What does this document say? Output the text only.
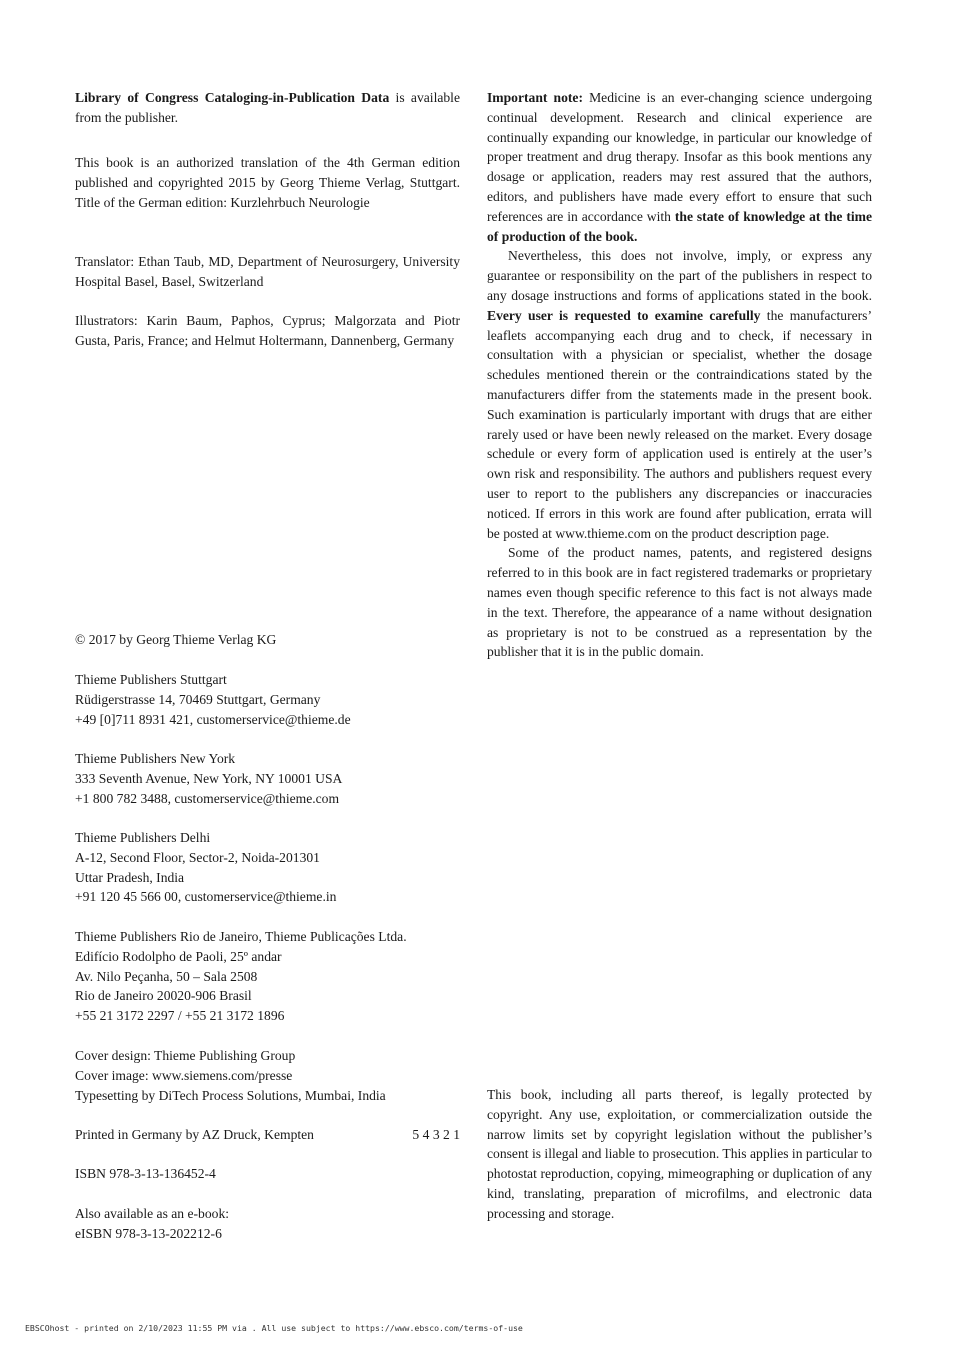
Library of Congress Cataloging-in-Publication Data is available from the publisher.

This book is an authorized translation of the 4th German edition published and copyrighted 2015 by Georg Thieme Verlag, Stuttgart. Title of the German edition: Kurzlehrbuch Neurologie
Translator: Ethan Taub, MD, Department of Neurosurgery, University Hospital Basel, Basel, Switzerland
Illustrators: Karin Baum, Paphos, Cyprus; Malgorzata and Piotr Gusta, Paris, France; and Helmut Holtermann, Dannenberg, Germany
© 2017 by Georg Thieme Verlag KG
Thieme Publishers Stuttgart
Rüdigerstrasse 14, 70469 Stuttgart, Germany
+49 [0]711 8931 421, customerservice@thieme.de
Thieme Publishers New York
333 Seventh Avenue, New York, NY 10001 USA
+1 800 782 3488, customerservice@thieme.com
Thieme Publishers Delhi
A-12, Second Floor, Sector-2, Noida-201301
Uttar Pradesh, India
+91 120 45 566 00, customerservice@thieme.in
Thieme Publishers Rio de Janeiro, Thieme Publicações Ltda.
Edifício Rodolpho de Paoli, 25º andar
Av. Nilo Peçanha, 50 – Sala 2508
Rio de Janeiro 20020-906 Brasil
+55 21 3172 2297 / +55 21 3172 1896
Cover design: Thieme Publishing Group
Cover image: www.siemens.com/presse
Typesetting by DiTech Process Solutions, Mumbai, India
Printed in Germany by AZ Druck, Kempten	5 4 3 2 1
ISBN 978-3-13-136452-4
Also available as an e-book:
eISBN 978-3-13-202212-6

Important note: Medicine is an ever-changing science undergoing continual development. Research and clinical experience are continually expanding our knowledge, in particular our knowledge of proper treatment and drug therapy. Insofar as this book mentions any dosage or application, readers may rest assured that the authors, editors, and publishers have made every effort to ensure that such references are in accordance with the state of knowledge at the time of production of the book.

Nevertheless, this does not involve, imply, or express any guarantee or responsibility on the part of the publishers in respect to any dosage instructions and forms of applications stated in the book. Every user is requested to examine carefully the manufacturers’ leaflets accompanying each drug and to check, if necessary in consultation with a physician or specialist, whether the dosage schedules mentioned therein or the contraindications stated by the manufacturers differ from the statements made in the present book. Such examination is particularly important with drugs that are either rarely used or have been newly released on the market. Every dosage schedule or every form of application used is entirely at the user’s own risk and responsibility. The authors and publishers request every user to report to the publishers any discrepancies or inaccuracies noticed. If errors in this work are found after publication, errata will be posted at www.thieme.com on the product description page.

Some of the product names, patents, and registered designs referred to in this book are in fact registered trademarks or proprietary names even though specific reference to this fact is not always made in the text. Therefore, the appearance of a name without designation as proprietary is not to be construed as a representation by the publisher that it is in the public domain.

This book, including all parts thereof, is legally protected by copyright. Any use, exploitation, or commercialization outside the narrow limits set by copyright legislation without the publisher’s consent is illegal and liable to prosecution. This applies in particular to photostat reproduction, copying, mimeographing or duplication of any kind, translating, preparation of microfilms, and electronic data processing and storage.
EBSCOhost - printed on 2/10/2023 11:55 PM via . All use subject to https://www.ebsco.com/terms-of-use
